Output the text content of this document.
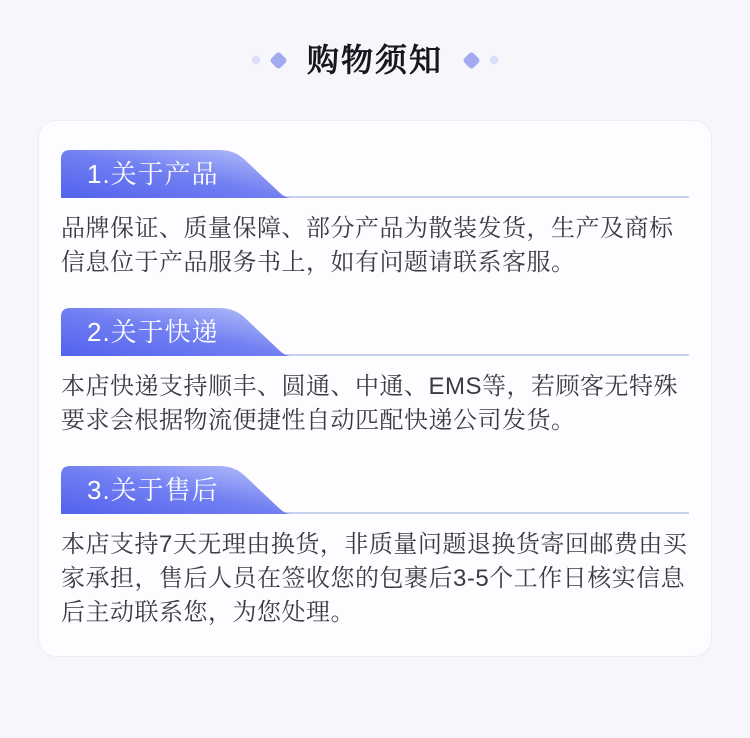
购物须知
1.关于产品

品牌保证、质量保障、部分产品为散装发货，生产及商标信息位于产品服务书上，如有问题请联系客服。

2.关于快递

本店快递支持顺丰、圆通、中通、EMS等，若顾客无特殊要求会根据物流便捷性自动匹配快递公司发货。

3.关于售后

本店支持7天无理由换货，非质量问题退换货寄回邮费由买家承担，售后人员在签收您的包裹后3-5个工作日核实信息后主动联系您，为您处理。
